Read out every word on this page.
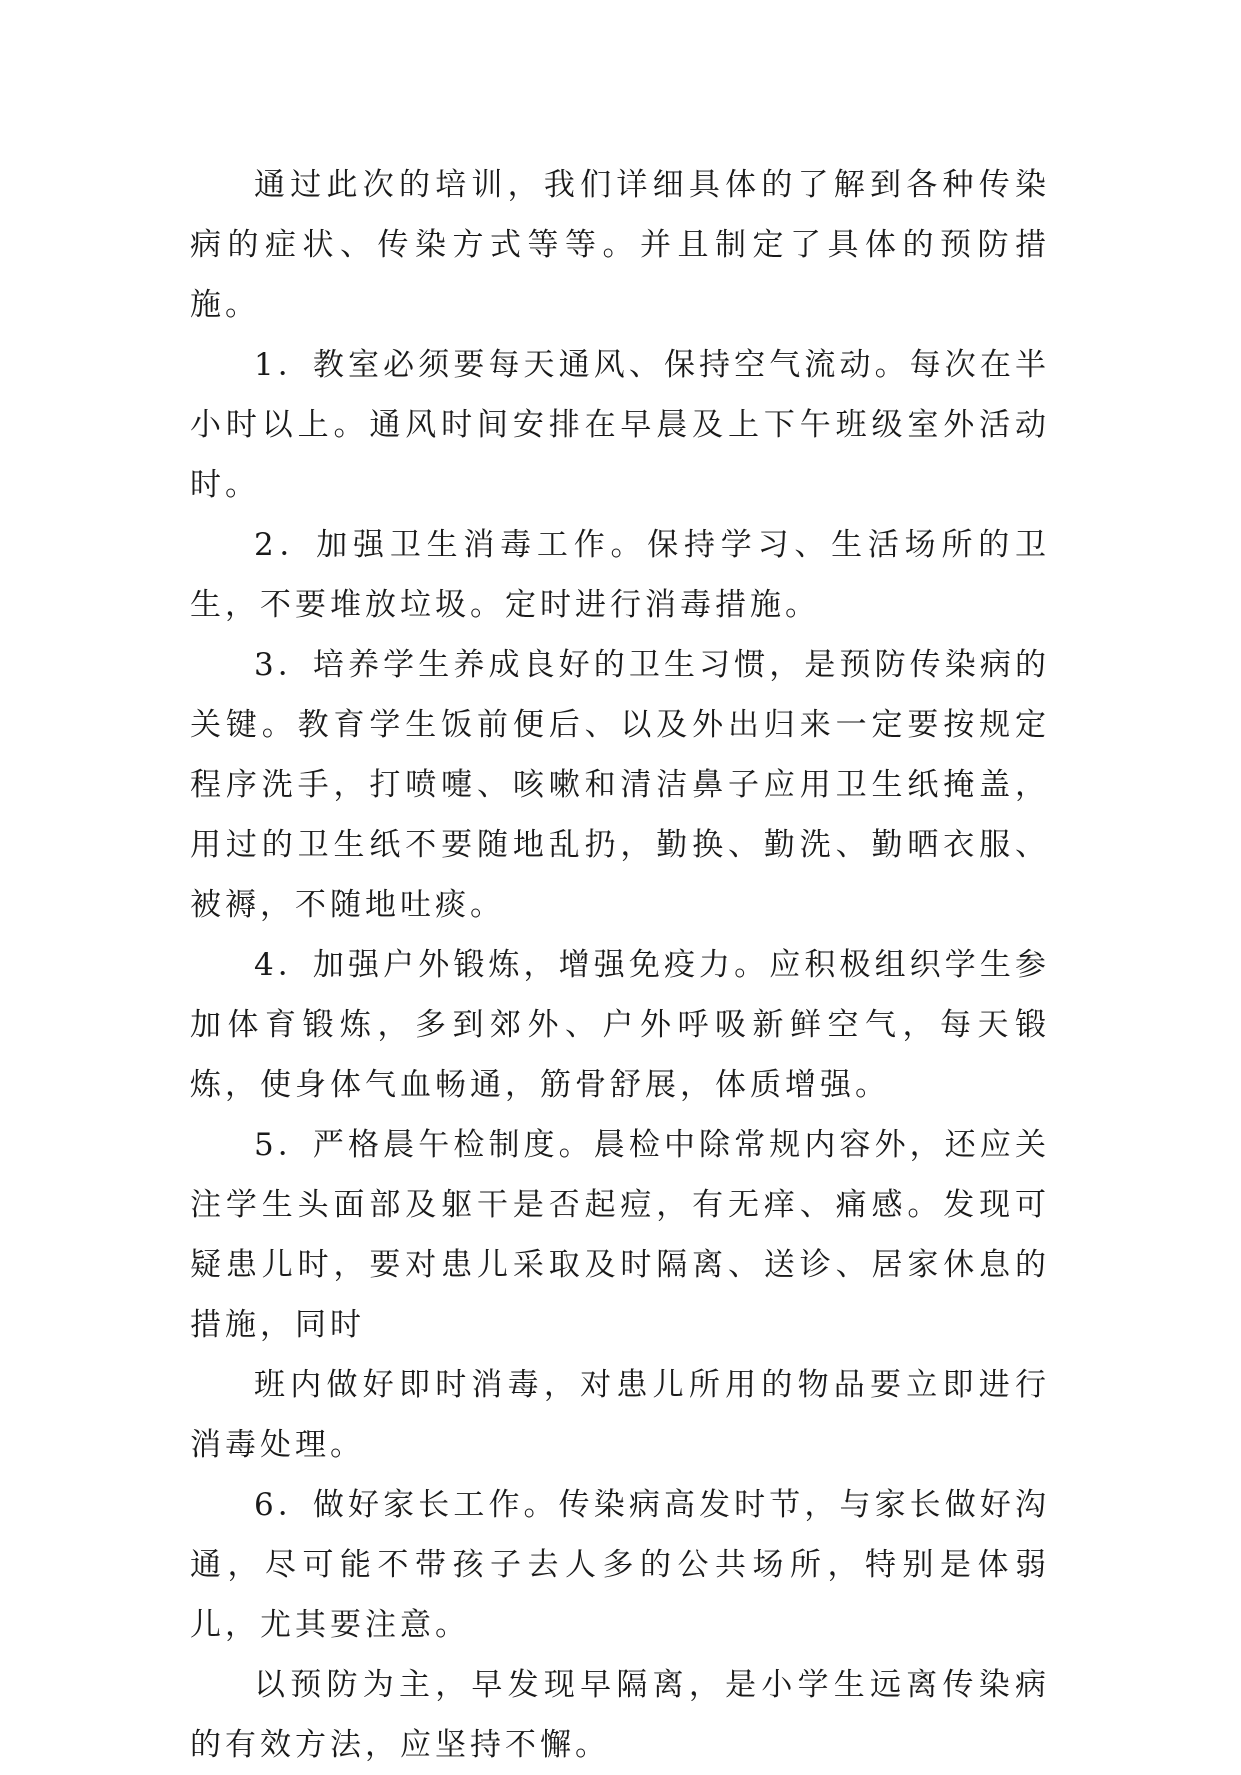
通过此次的培训，我们详细具体的了解到各种传染病的症状、传染方式等等。并且制定了具体的预防措施。

1．教室必须要每天通风、保持空气流动。每次在半小时以上。通风时间安排在早晨及上下午班级室外活动时。

2．加强卫生消毒工作。保持学习、生活场所的卫生，不要堆放垃圾。定时进行消毒措施。

3．培养学生养成良好的卫生习惯，是预防传染病的关键。教育学生饭前便后、以及外出归来一定要按规定程序洗手，打喷嚏、咳嗽和清洁鼻子应用卫生纸掩盖，用过的卫生纸不要随地乱扔，勤换、勤洗、勤晒衣服、被褥，不随地吐痰。

4．加强户外锻炼，增强免疫力。应积极组织学生参加体育锻炼，多到郊外、户外呼吸新鲜空气，每天锻炼，使身体气血畅通，筋骨舒展，体质增强。

5．严格晨午检制度。晨检中除常规内容外，还应关注学生头面部及躯干是否起痘，有无痒、痛感。发现可疑患儿时，要对患儿采取及时隔离、送诊、居家休息的措施，同时

班内做好即时消毒，对患儿所用的物品要立即进行消毒处理。

6．做好家长工作。传染病高发时节，与家长做好沟通，尽可能不带孩子去人多的公共场所，特别是体弱儿，尤其要注意。

以预防为主，早发现早隔离，是小学生远离传染病的有效方法，应坚持不懈。
